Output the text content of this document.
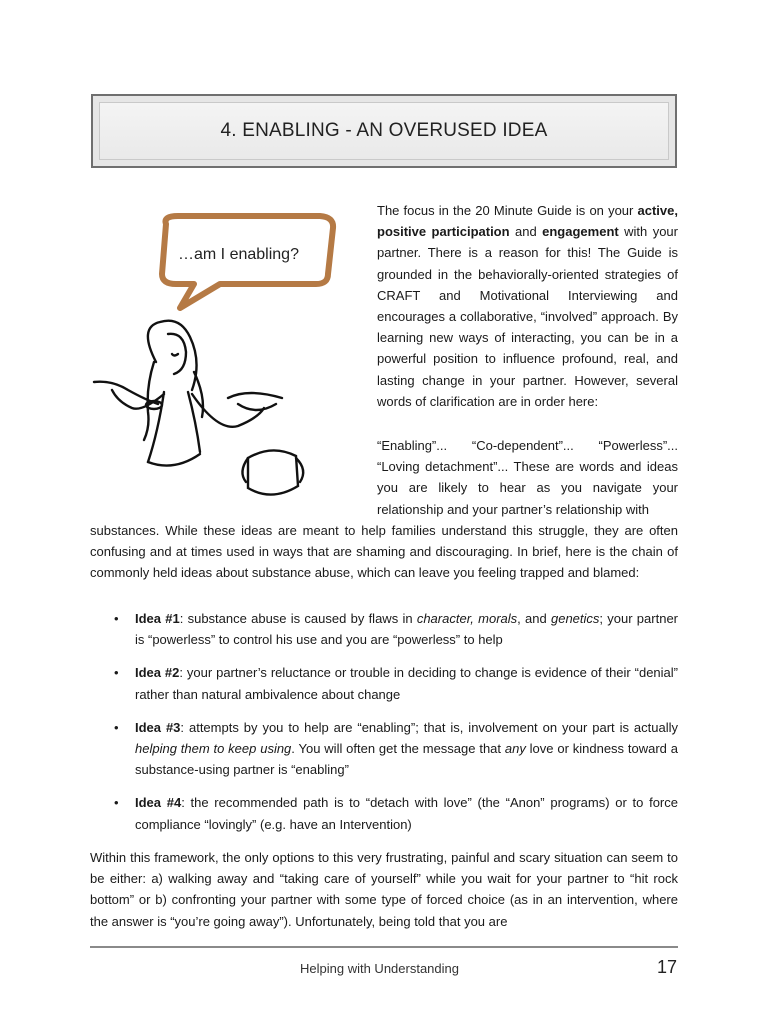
4. ENABLING - AN OVERUSED IDEA
…am I enabling?

The focus in the 20 Minute Guide is on your active, positive participation and engagement with your partner. There is a reason for this! The Guide is grounded in the behaviorally-oriented strategies of CRAFT and Motivational Interviewing and encourages a collaborative, “involved” approach. By learning new ways of interacting, you can be in a powerful position to influence profound, real, and lasting change in your partner. However, several words of clarification are in order here:

“Enabling”... “Co-dependent”... “Powerless”... “Loving detachment”... These are words and ideas you are likely to hear as you navigate your relationship and your partner’s relationship with

substances. While these ideas are meant to help families understand this struggle, they are often confusing and at times used in ways that are shaming and discouraging. In brief, here is the chain of commonly held ideas about substance abuse, which can leave you feeling trapped and blamed:

• Idea #1: substance abuse is caused by flaws in character, morals, and genetics; your partner is “powerless” to control his use and you are “powerless” to help
• Idea #2: your partner’s reluctance or trouble in deciding to change is evidence of their “denial” rather than natural ambivalence about change
• Idea #3: attempts by you to help are “enabling”; that is, involvement on your part is actually helping them to keep using. You will often get the message that any love or kindness toward a substance-using partner is “enabling”
• Idea #4: the recommended path is to “detach with love” (the “Anon” programs) or to force compliance “lovingly” (e.g. have an Intervention)

Within this framework, the only options to this very frustrating, painful and scary situation can seem to be either: a) walking away and “taking care of yourself” while you wait for your partner to “hit rock bottom” or b) confronting your partner with some type of forced choice (as in an intervention, where the answer is “you’re going away”). Unfortunately, being told that you are

Helping with Understanding	17
